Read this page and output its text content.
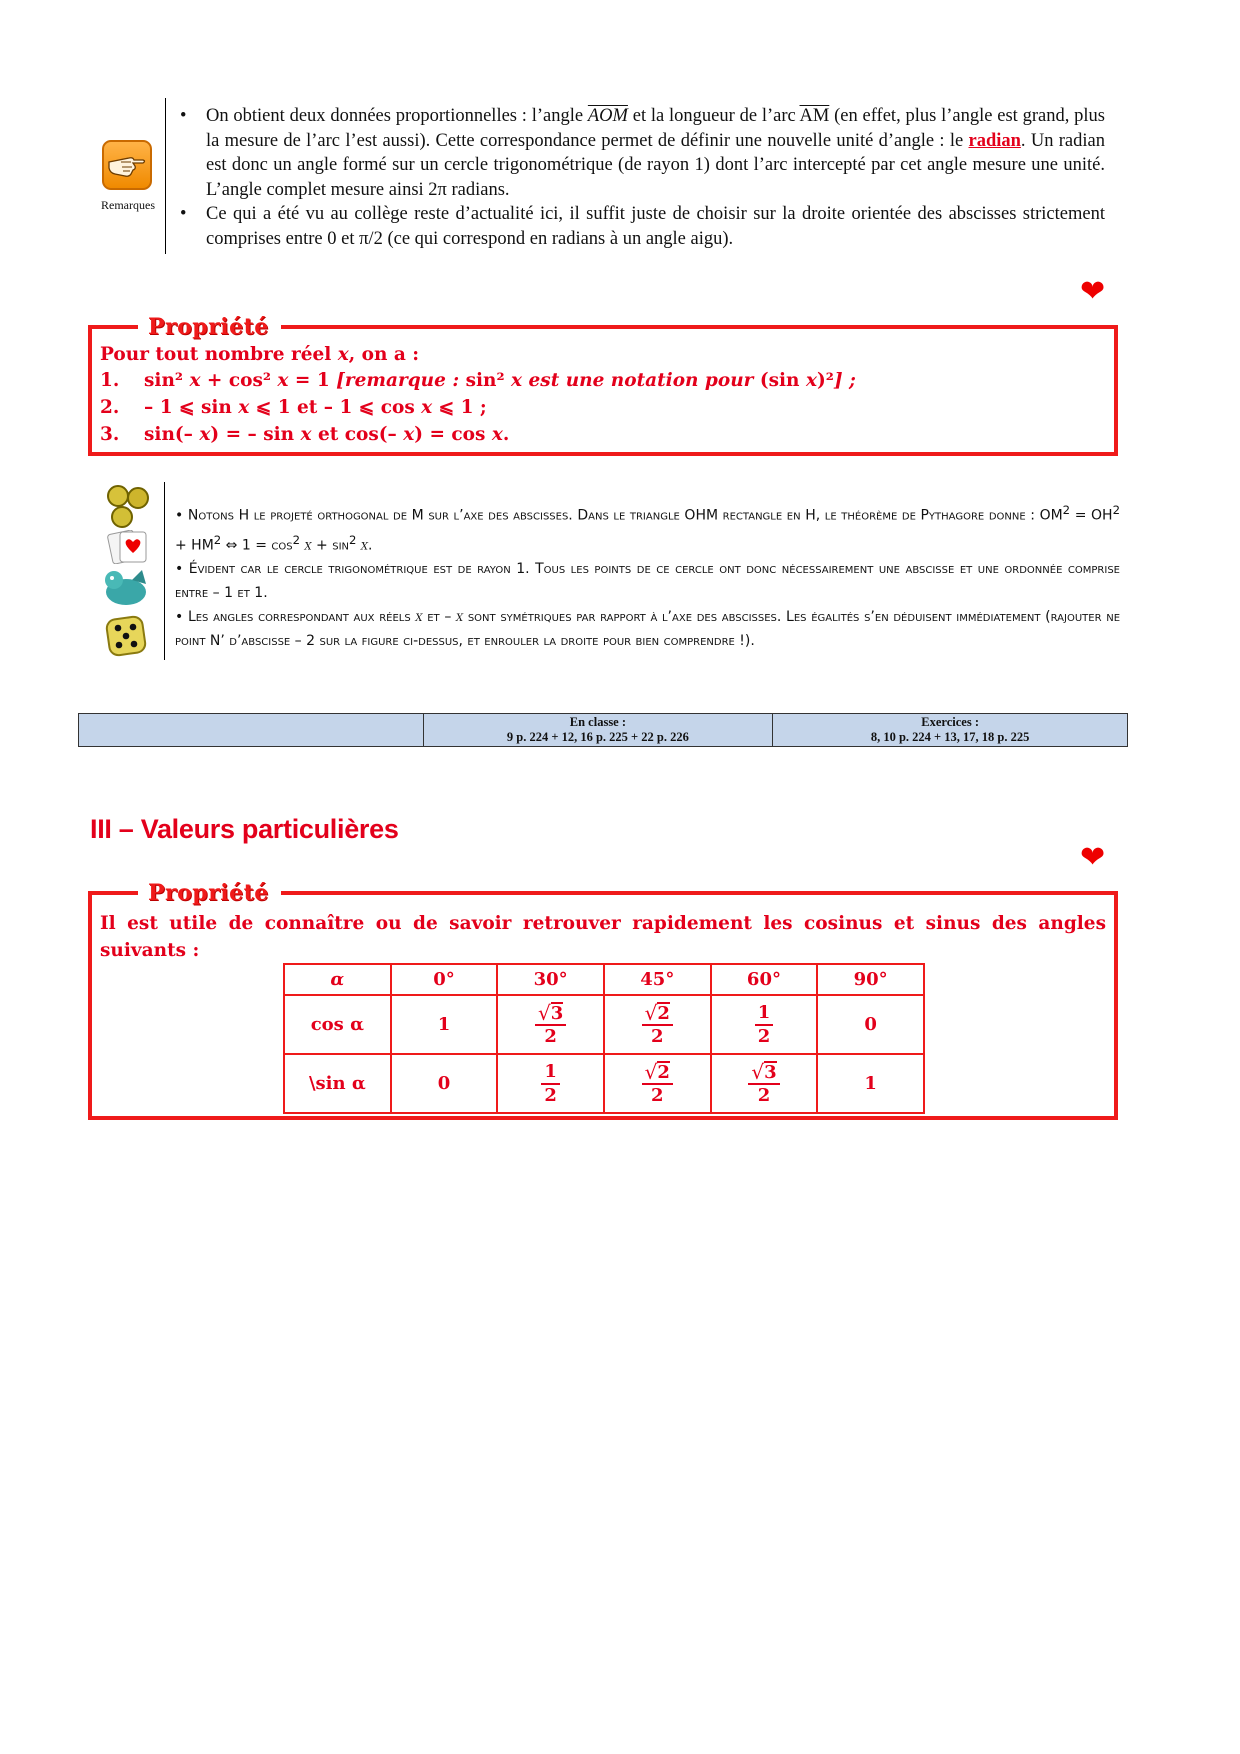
Remarques
• On obtient deux données proportionnelles : l’angle $\overline{AOM}$ et la longueur de l’arc $\overline{AM}$ (en effet, plus l’angle est grand, plus la mesure de l’arc l’est aussi). Cette correspondance permet de définir une nouvelle unité d’angle : le radian. Un radian est donc un angle formé sur un cercle trigonométrique (de rayon 1) dont l’arc intercepté par cet angle mesure une unité. L’angle complet mesure ainsi 2π radians.
• Ce qui a été vu au collège reste d’actualité ici, il suffit juste de choisir sur la droite orientée des abscisses strictement comprises entre 0 et π/2 (ce qui correspond en radians à un angle aigu).
❤
Propriété
Pour tout nombre réel x, on a :
1. sin² x + cos² x = 1 [remarque : sin² x est une notation pour (sin x)²] ;
2. – 1 ⩽ sin x ⩽ 1 et – 1 ⩽ cos x ⩽ 1 ;
3. sin(– x) = – sin x et cos(– x) = cos x.
• Notons H le projeté orthogonal de M sur l’axe des abscisses. Dans le triangle OHM rectangle en H, le théorème de Pythagore donne : $OM^2 = OH^2 + HM^2$ ⇔ $1 = \cos^2 x + \sin^2 x$.
• Évident car le cercle trigonométrique est de rayon 1. Tous les points de ce cercle ont donc nécessairement une abscisse et une ordonnée comprise entre – 1 et 1.
• Les angles correspondant aux réels x et – x sont symétriques par rapport à l’axe des abscisses. Les égalités s’en déduisent immédiatement (rajouter ne point N’ d’abscisse – 2 sur la figure ci-dessus, et enrouler la droite pour bien comprendre !).

En classe :
9 p. 224 + 12, 16 p. 225 + 22 p. 226

Exercices :
8, 10 p. 224 + 13, 17, 18 p. 225
III – Valeurs particulières
❤
Propriété
Il est utile de connaître ou de savoir retrouver rapidement les cosinus et sinus des angles suivants :
α	0°	30°	45°	60°	90°
cos α	1	$\frac{√ 3}{2}$	$\frac{√ 2}{2}$	$\frac{1}{2}$	0
\sin α	0	$\frac{1}{2}$	$\frac{√ 2}{2}$	$\frac{√ 3}{2}$	1
